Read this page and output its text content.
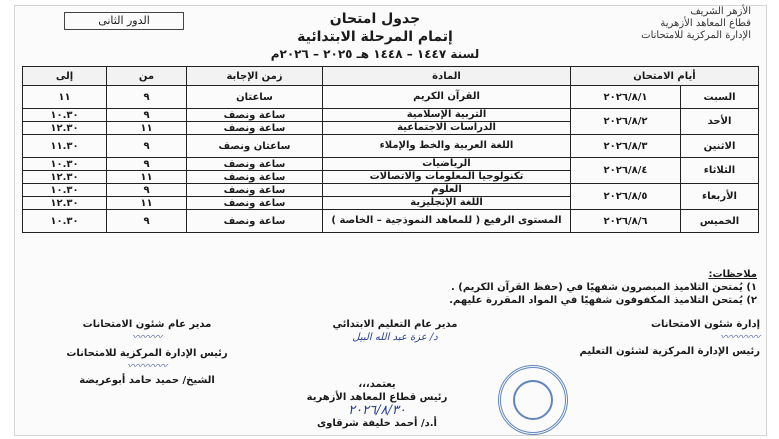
الدور الثانى	جدول امتحان
إتمام المرحلة الابتدائية
لسنة ١٤٤٧ – ١٤٤٨ هـ ٢٠٢٥ – ٢٠٢٦م
الأزهر الشريف
قطاع المعاهد الأزهرية
الإدارة المركزية للامتحانات
أيام الامتحان		المادة	زمن الإجابة	من	إلى
السبت	٢٠٢٦/٨/١	القرآن الكريم	ساعتان	٩	١١
الأحد	٢٠٢٦/٨/٢	التربية الإسلامية	ساعة ونصف	٩	١٠.٣٠
		الدراسات الاجتماعية	ساعة ونصف	١١	١٢.٣٠
الاثنين	٢٠٢٦/٨/٣	اللغة العربية والخط والإملاء	ساعتان ونصف	٩	١١.٣٠
الثلاثاء	٢٠٢٦/٨/٤	الرياضيات	ساعة ونصف	٩	١٠.٣٠
		تكنولوجيا المعلومات والاتصالات	ساعة ونصف	١١	١٢.٣٠
الأربعاء	٢٠٢٦/٨/٥	العلوم	ساعة ونصف	٩	١٠.٣٠
		اللغة الإنجليزية	ساعة ونصف	١١	١٢.٣٠
الخميس	٢٠٢٦/٨/٦	المستوى الرفيع ( للمعاهد النموذجية – الخاصة )	ساعة ونصف	٩	١٠.٣٠
ملاحظات:
١) يُمتحن التلاميذ المبصرون شفهيًا في (حفظ القرآن الكريم) .
٢) يُمتحن التلاميذ المكفوفون شفهيًا في المواد المقررة عليهم.
مدير عام شئون الامتحانات
〰〰〰
رئيس الإدارة المركزية للامتحانات
〰〰〰〰
الشيخ/ حميد حامد أبوعريضة
مدير عام التعليم الابتدائي
د/ عزة عبد الله البيل
إدارة شئون الامتحانات
〰〰〰〰
رئيس الإدارة المركزية لشئون التعليم
يعتمد،،،
رئيس قطاع المعاهد الأزهرية
٢٠٢٦/٨/٣٠
أ.د/ أحمد خليفة شرقاوى
